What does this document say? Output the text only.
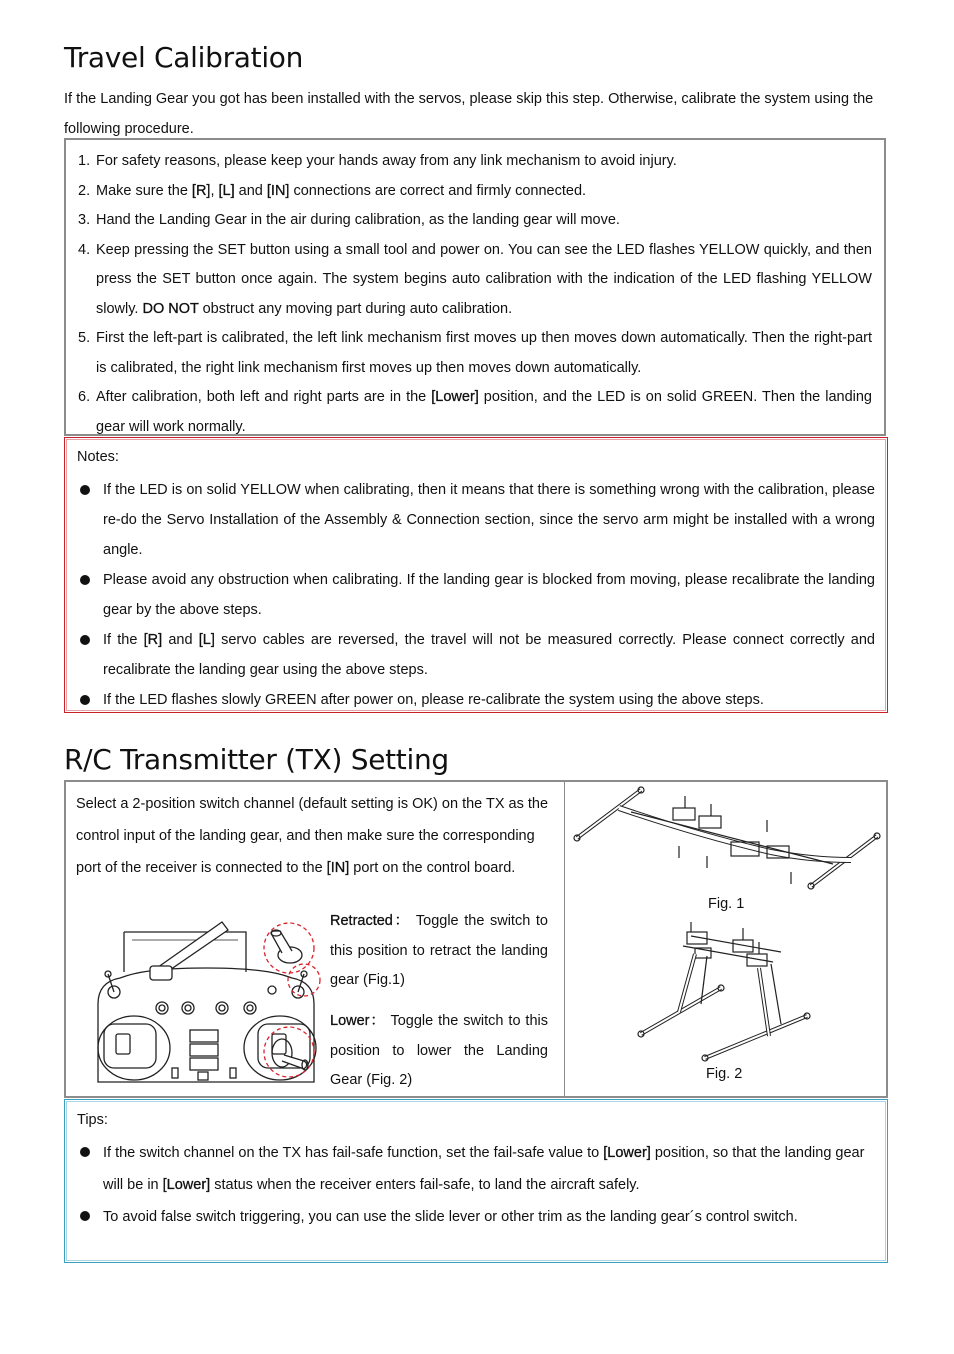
Travel Calibration
If the Landing Gear you got has been installed with the servos, please skip this step. Otherwise, calibrate the system using the following procedure.
1. For safety reasons, please keep your hands away from any link mechanism to avoid injury.
2. Make sure the [R], [L] and [IN] connections are correct and firmly connected.
3. Hand the Landing Gear in the air during calibration, as the landing gear will move.
4. Keep pressing the SET button using a small tool and power on. You can see the LED flashes YELLOW quickly, and then press the SET button once again. The system begins auto calibration with the indication of the LED flashing YELLOW slowly. DO NOT obstruct any moving part during auto calibration.
5. First the left-part is calibrated, the left link mechanism first moves up then moves down automatically. Then the right-part is calibrated, the right link mechanism first moves up then moves down automatically.
6. After calibration, both left and right parts are in the [Lower] position, and the LED is on solid GREEN. Then the landing gear will work normally.
Notes:
If the LED is on solid YELLOW when calibrating, then it means that there is something wrong with the calibration, please re-do the Servo Installation of the Assembly & Connection section, since the servo arm might be installed with a wrong angle.
Please avoid any obstruction when calibrating. If the landing gear is blocked from moving, please recalibrate the landing gear by the above steps.
If the [R] and [L] servo cables are reversed, the travel will not be measured correctly. Please connect correctly and recalibrate the landing gear using the above steps.
If the LED flashes slowly GREEN after power on, please re-calibrate the system using the above steps.
R/C Transmitter (TX) Setting
Select a 2-position switch channel (default setting is OK) on the TX as the control input of the landing gear, and then make sure the corresponding port of the receiver is connected to the [IN] port on the control board.
Retracted： Toggle the switch to this position to retract the landing gear (Fig.1)
Lower： Toggle the switch to this position to lower the Landing Gear (Fig. 2)
Fig. 1
Fig. 2
Tips:
If the switch channel on the TX has fail-safe function, set the fail-safe value to [Lower] position, so that the landing gear will be in [Lower] status when the receiver enters fail-safe, to land the aircraft safely.
To avoid false switch triggering, you can use the slide lever or other trim as the landing gear´s control switch.
